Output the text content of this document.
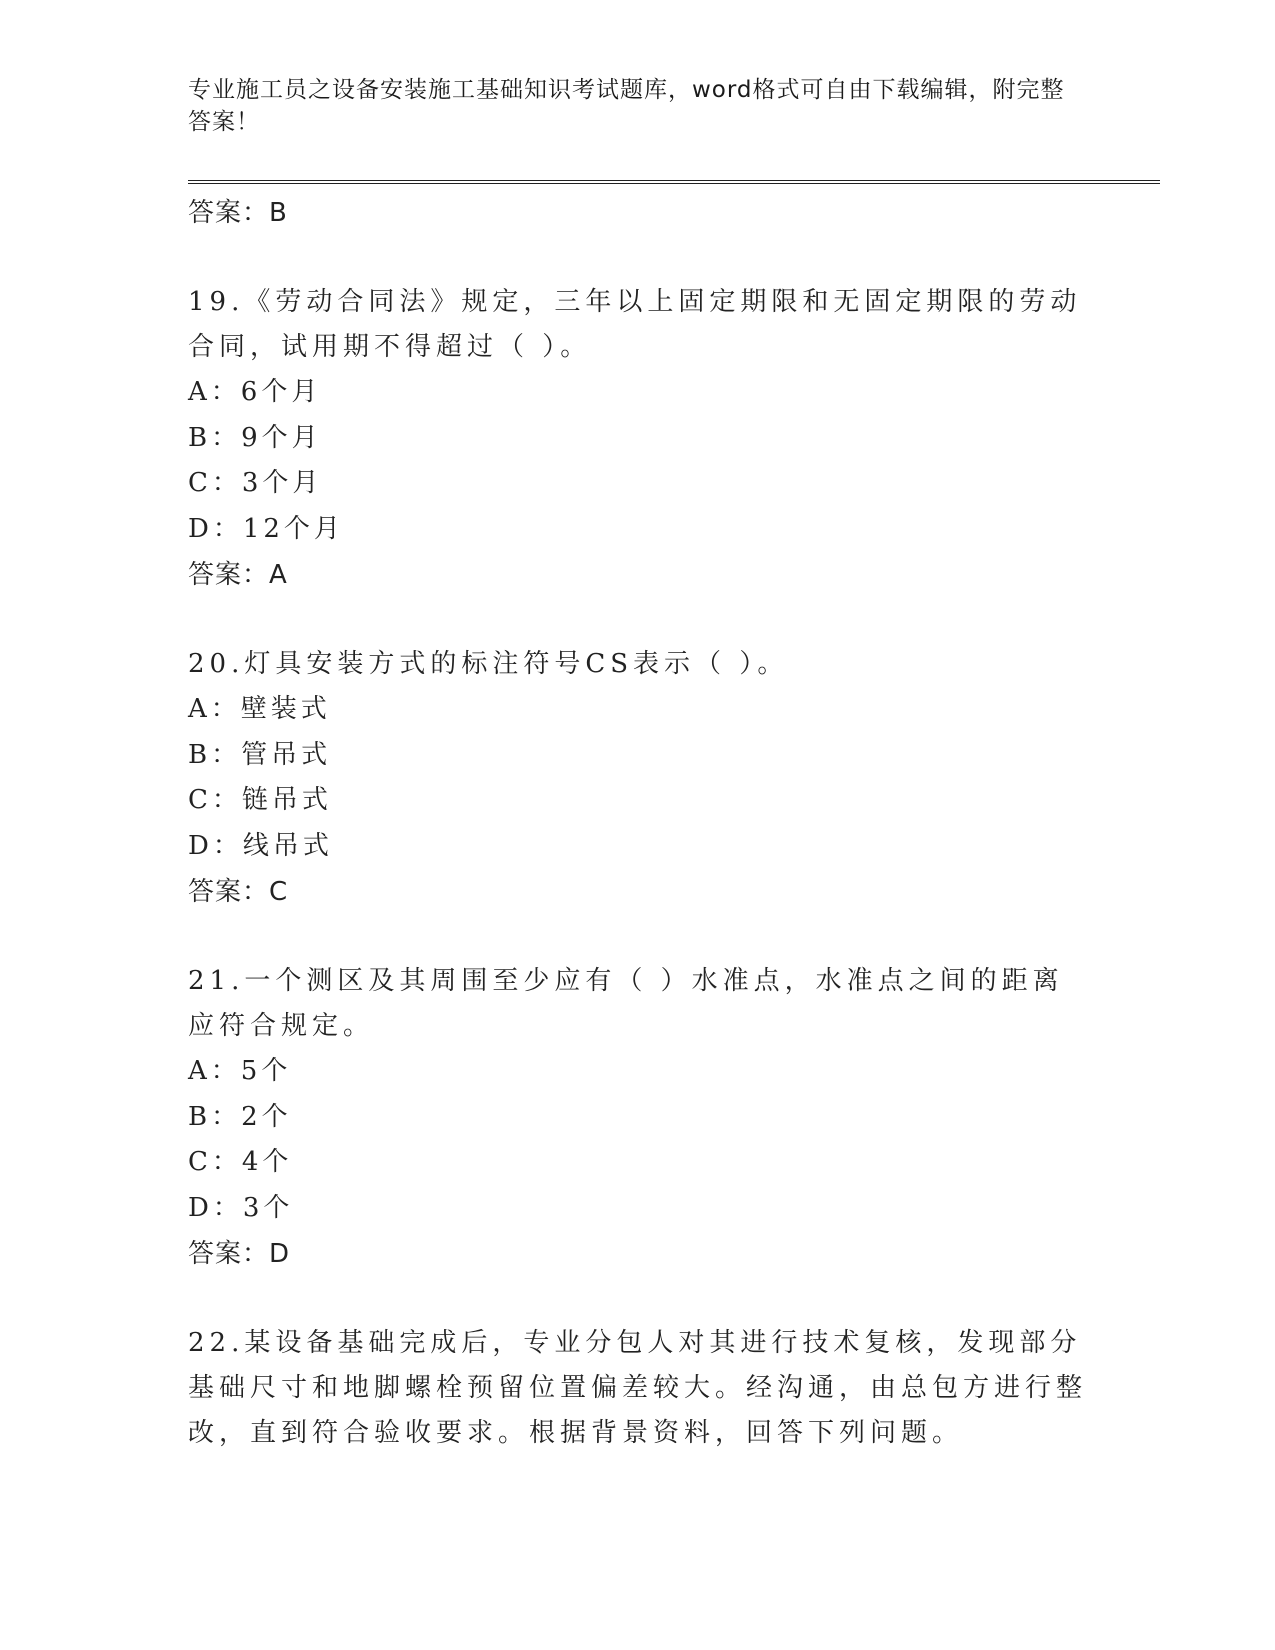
专业施工员之设备安装施工基础知识考试题库，word格式可自由下载编辑，附完整答案！
答案：B
19.《劳动合同法》规定，三年以上固定期限和无固定期限的劳动合同，试用期不得超过（ ）。
A：6个月
B：9个月
C：3个月
D：12个月
答案：A
20.灯具安装方式的标注符号CS表示（ ）。
A：壁装式
B：管吊式
C：链吊式
D：线吊式
答案：C
21.一个测区及其周围至少应有（ ）水准点，水准点之间的距离应符合规定。
A：5个
B：2个
C：4个
D：3个
答案：D
22.某设备基础完成后，专业分包人对其进行技术复核，发现部分基础尺寸和地脚螺栓预留位置偏差较大。经沟通，由总包方进行整改，直到符合验收要求。根据背景资料，回答下列问题。
